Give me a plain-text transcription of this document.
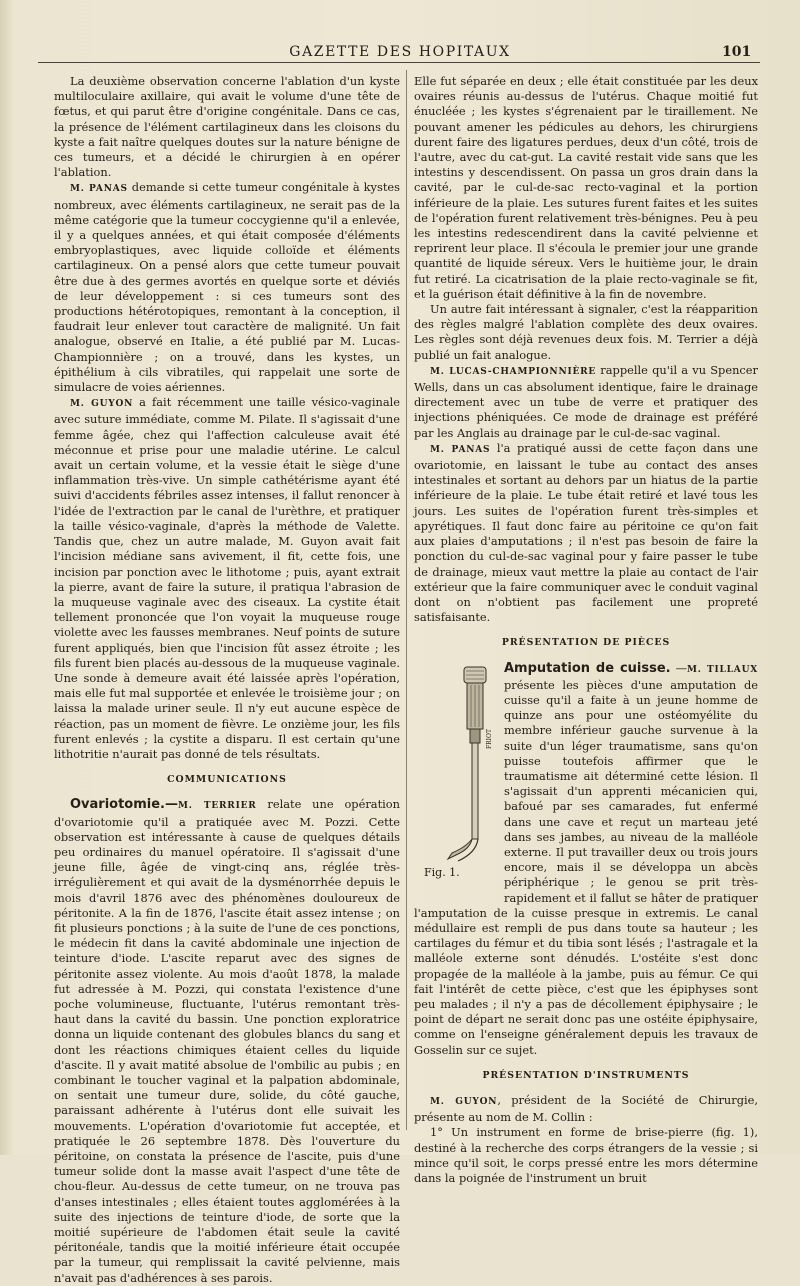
GAZETTE DES HOPITAUX	101

La deuxième observation concerne l'ablation d'un kyste multiloculaire axillaire, qui avait le volume d'une tête de fœtus, et qui parut être d'origine congénitale. Dans ce cas, la présence de l'élément cartilagineux dans les cloisons du kyste a fait naître quelques doutes sur la nature bénigne de ces tumeurs, et a décidé le chirurgien à en opérer l'ablation.

M. PANAS demande si cette tumeur congénitale à kystes nombreux, avec éléments cartilagineux, ne serait pas de la même catégorie que la tumeur coccygienne qu'il a enlevée, il y a quelques années, et qui était composée d'éléments embryoplastiques, avec liquide colloïde et éléments cartilagineux. On a pensé alors que cette tumeur pouvait être due à des germes avortés en quelque sorte et déviés de leur développement : si ces tumeurs sont des productions hétérotopiques, remontant à la conception, il faudrait leur enlever tout caractère de malignité. Un fait analogue, observé en Italie, a été publié par M. Lucas-Championnière ; on a trouvé, dans les kystes, un épithélium à cils vibratiles, qui rappelait une sorte de simulacre de voies aériennes.

M. GUYON a fait récemment une taille vésico-vaginale avec suture immédiate, comme M. Pilate. Il s'agissait d'une femme âgée, chez qui l'affection calculeuse avait été méconnue et prise pour une maladie utérine. Le calcul avait un certain volume, et la vessie était le siège d'une inflammation très-vive. Un simple cathétérisme ayant été suivi d'accidents fébriles assez intenses, il fallut renoncer à l'idée de l'extraction par le canal de l'urèthre, et pratiquer la taille vésico-vaginale, d'après la méthode de Valette. Tandis que, chez un autre malade, M. Guyon avait fait l'incision médiane sans avivement, il fit, cette fois, une incision par ponction avec le lithotome ; puis, ayant extrait la pierre, avant de faire la suture, il pratiqua l'abrasion de la muqueuse vaginale avec des ciseaux. La cystite était tellement prononcée que l'on voyait la muqueuse rouge violette avec les fausses membranes. Neuf points de suture furent appliqués, bien que l'incision fût assez étroite ; les fils furent bien placés au-dessous de la muqueuse vaginale. Une sonde à demeure avait été laissée après l'opération, mais elle fut mal supportée et enlevée le troisième jour ; on laissa la malade uriner seule. Il n'y eut aucune espèce de réaction, pas un moment de fièvre. Le onzième jour, les fils furent enlevés ; la cystite a disparu. Il est certain qu'une lithotritie n'aurait pas donné de tels résultats.

COMMUNICATIONS

Ovariotomie.—M. TERRIER relate une opération d'ovariotomie qu'il a pratiquée avec M. Pozzi. Cette observation est intéressante à cause de quelques détails peu ordinaires du manuel opératoire. Il s'agissait d'une jeune fille, âgée de vingt-cinq ans, réglée très-irrégulièrement et qui avait de la dysménorrhée depuis le mois d'avril 1876 avec des phénomènes douloureux de péritonite. A la fin de 1876, l'ascite était assez intense ; on fit plusieurs ponctions ; à la suite de l'une de ces ponctions, le médecin fit dans la cavité abdominale une injection de teinture d'iode. L'ascite reparut avec des signes de péritonite assez violente. Au mois d'août 1878, la malade fut adressée à M. Pozzi, qui constata l'existence d'une poche volumineuse, fluctuante, l'utérus remontant très-haut dans la cavité du bassin. Une ponction exploratrice donna un liquide contenant des globules blancs du sang et dont les réactions chimiques étaient celles du liquide d'ascite. Il y avait matité absolue de l'ombilic au pubis ; en combinant le toucher vaginal et la palpation abdominale, on sentait une tumeur dure, solide, du côté gauche, paraissant adhérente à l'utérus dont elle suivait les mouvements. L'opération d'ovariotomie fut acceptée, et pratiquée le 26 septembre 1878. Dès l'ouverture du péritoine, on constata la présence de l'ascite, puis d'une tumeur solide dont la masse avait l'aspect d'une tête de chou-fleur. Au-dessus de cette tumeur, on ne trouva pas d'anses intestinales ; elles étaient toutes agglomérées à la suite des injections de teinture d'iode, de sorte que la moitié supérieure de l'abdomen était seule la cavité péritonéale, tandis que la moitié inférieure était occupée par la tumeur, qui remplissait la cavité pelvienne, mais n'avait pas d'adhérences à ses parois.

Elle fut séparée en deux ; elle était constituée par les deux ovaires réunis au-dessus de l'utérus. Chaque moitié fut énucléée ; les kystes s'égrenaient par le tiraillement. Ne pouvant amener les pédicules au dehors, les chirurgiens durent faire des ligatures perdues, deux d'un côté, trois de l'autre, avec du cat-gut. La cavité restait vide sans que les intestins y descendissent. On passa un gros drain dans la cavité, par le cul-de-sac recto-vaginal et la portion inférieure de la plaie. Les sutures furent faites et les suites de l'opération furent relativement très-bénignes. Peu à peu les intestins redescendirent dans la cavité pelvienne et reprirent leur place. Il s'écoula le premier jour une grande quantité de liquide séreux. Vers le huitième jour, le drain fut retiré. La cicatrisation de la plaie recto-vaginale se fit, et la guérison était définitive à la fin de novembre.

Un autre fait intéressant à signaler, c'est la réapparition des règles malgré l'ablation complète des deux ovaires. Les règles sont déjà revenues deux fois. M. Terrier a déjà publié un fait analogue.

M. LUCAS-CHAMPIONNIÈRE rappelle qu'il a vu Spencer Wells, dans un cas absolument identique, faire le drainage directement avec un tube de verre et pratiquer des injections phéniquées. Ce mode de drainage est préféré par les Anglais au drainage par le cul-de-sac vaginal.

M. PANAS l'a pratiqué aussi de cette façon dans une ovariotomie, en laissant le tube au contact des anses intestinales et sortant au dehors par un hiatus de la partie inférieure de la plaie. Le tube était retiré et lavé tous les jours. Les suites de l'opération furent très-simples et apyrétiques. Il faut donc faire au péritoine ce qu'on fait aux plaies d'amputations ; il n'est pas besoin de faire la ponction du cul-de-sac vaginal pour y faire passer le tube de drainage, mieux vaut mettre la plaie au contact de l'air extérieur que la faire communiquer avec le conduit vaginal dont on n'obtient pas facilement une propreté satisfaisante.

PRÉSENTATION DE PIÈCES
FRIOT
Fig. 1.

Amputation de cuisse. —M. TILLAUX présente les pièces d'une amputation de cuisse qu'il a faite à un jeune homme de quinze ans pour une ostéomyélite du membre inférieur gauche survenue à la suite d'un léger traumatisme, sans qu'on puisse toutefois affirmer que le traumatisme ait déterminé cette lésion. Il s'agissait d'un apprenti mécanicien qui, bafoué par ses camarades, fut enfermé dans une cave et reçut un marteau jeté dans ses jambes, au niveau de la malléole externe. Il put travailler deux ou trois jours encore, mais il se développa un abcès périphérique ; le genou se prit très-rapidement et il fallut se hâter de pratiquer l'amputation de la cuisse presque in extremis. Le canal médullaire est rempli de pus dans toute sa hauteur ; les cartilages du fémur et du tibia sont lésés ; l'astragale et la malléole externe sont dénudés. L'ostéite s'est donc propagée de la malléole à la jambe, puis au fémur. Ce qui fait l'intérêt de cette pièce, c'est que les épiphyses sont peu malades ; il n'y a pas de décollement épiphysaire ; le point de départ ne serait donc pas une ostéite épiphysaire, comme on l'enseigne généralement depuis les travaux de Gosselin sur ce sujet.

PRÉSENTATION D'INSTRUMENTS

M. GUYON, président de la Société de Chirurgie, présente au nom de M. Collin :

1° Un instrument en forme de brise-pierre (fig. 1), destiné à la recherche des corps étrangers de la vessie ; si mince qu'il soit, le corps pressé entre les mors détermine dans la poignée de l'instrument un bruit
